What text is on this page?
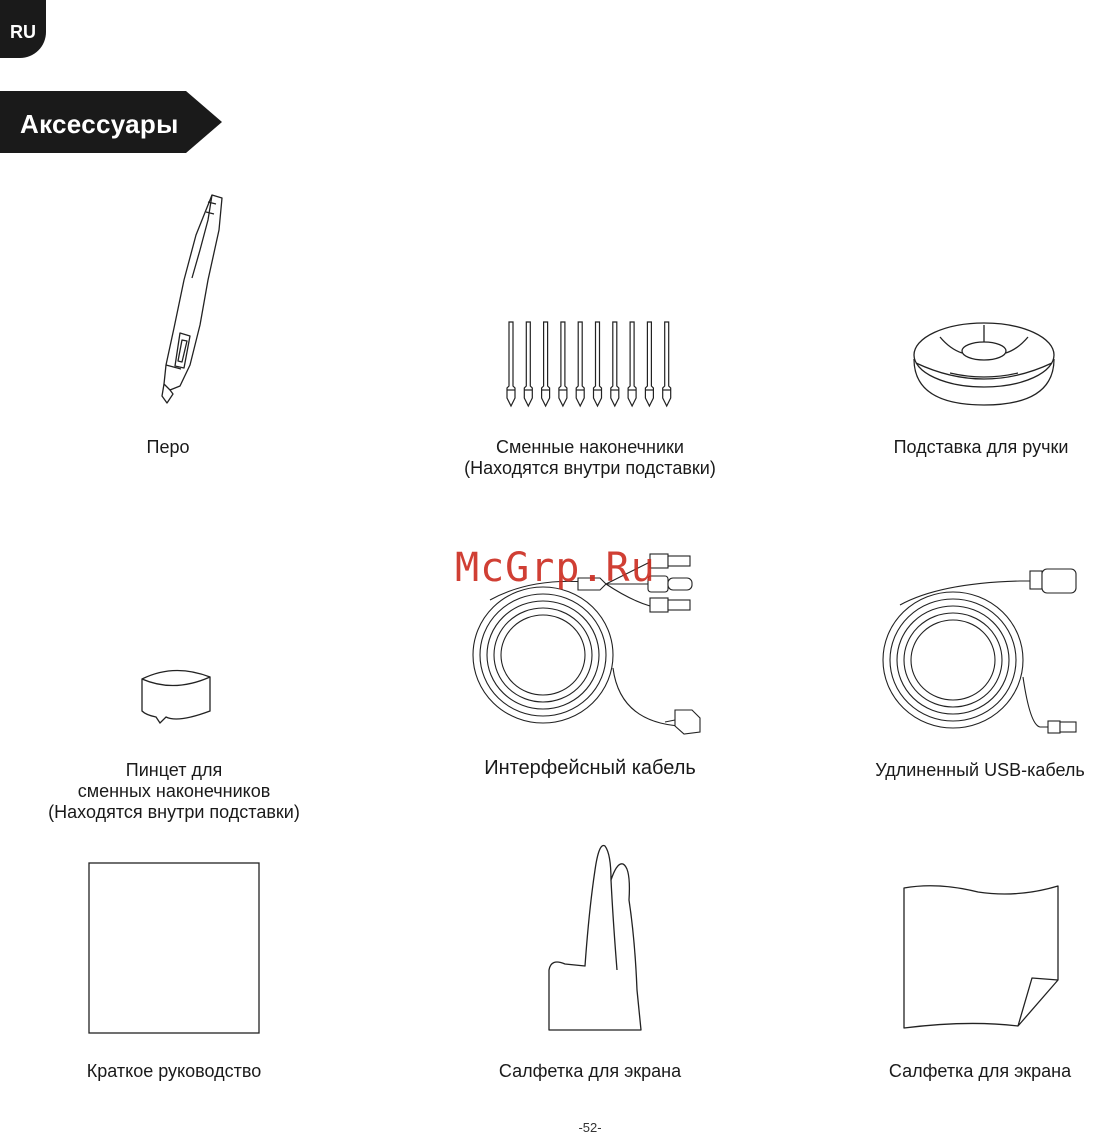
RU
Аксессуары
Перо	Сменные наконечники
(Находятся внутри подставки)
Подставка для ручки
Пинцет для
сменных наконечников
(Находятся внутри подставки)
Интерфейсный кабель	Удлиненный USB-кабель
Краткое руководство	Салфетка для экрана	Салфетка для экрана
McGrp.Ru
-52-
